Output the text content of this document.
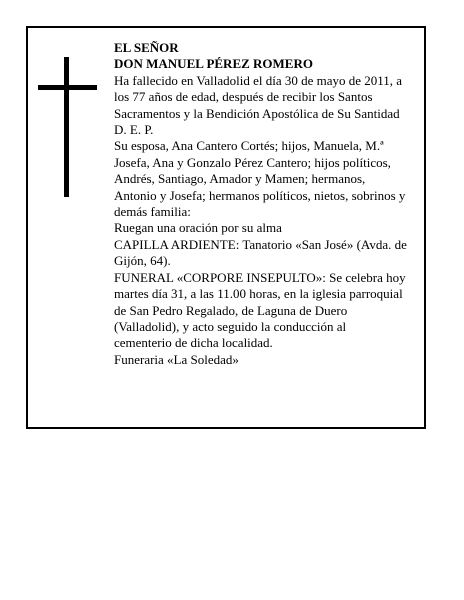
EL SEÑOR
DON MANUEL PÉREZ ROMERO
Ha fallecido en Valladolid el día 30 de mayo de 2011, a
los 77 años de edad, después de recibir los Santos
Sacramentos y la Bendición Apostólica de Su Santidad
D. E. P.
Su esposa, Ana Cantero Cortés; hijos, Manuela, M.ª
Josefa, Ana y Gonzalo Pérez Cantero; hijos políticos,
Andrés, Santiago, Amador y Mamen; hermanos,
Antonio y Josefa; hermanos políticos, nietos, sobrinos y
demás familia:
Ruegan una oración por su alma
CAPILLA ARDIENTE: Tanatorio «San José» (Avda. de
Gijón, 64).
FUNERAL «CORPORE INSEPULTO»: Se celebra hoy
martes día 31, a las 11.00 horas, en la iglesia parroquial
de San Pedro Regalado, de Laguna de Duero
(Valladolid), y acto seguido la conducción al
cementerio de dicha localidad.
Funeraria «La Soledad»
